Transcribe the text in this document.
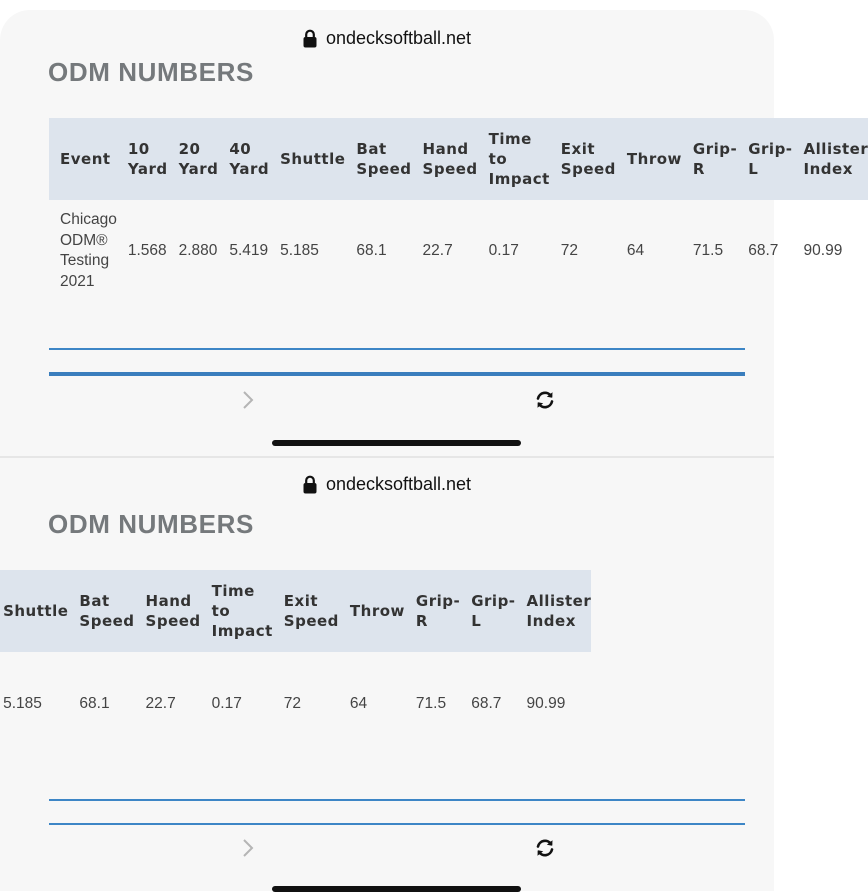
ondecksoftball.net
ODM NUMBERS
Event	10 Yard	20 Yard	40 Yard	Shuttle	Bat Speed	Hand Speed	Time to Impact	Exit Speed	Throw	Grip-R	Grip-L	Allister Index
Chicago ODM® Testing 2021	1.568	2.880	5.419	5.185	68.1	22.7	0.17	72	64	71.5	68.7	90.99
ondecksoftball.net
ODM NUMBERS
				Shuttle	Bat Speed	Hand Speed	Time to Impact	Exit Speed	Throw	Grip-R	Grip-L	Allister Index
				5.185	68.1	22.7	0.17	72	64	71.5	68.7	90.99
